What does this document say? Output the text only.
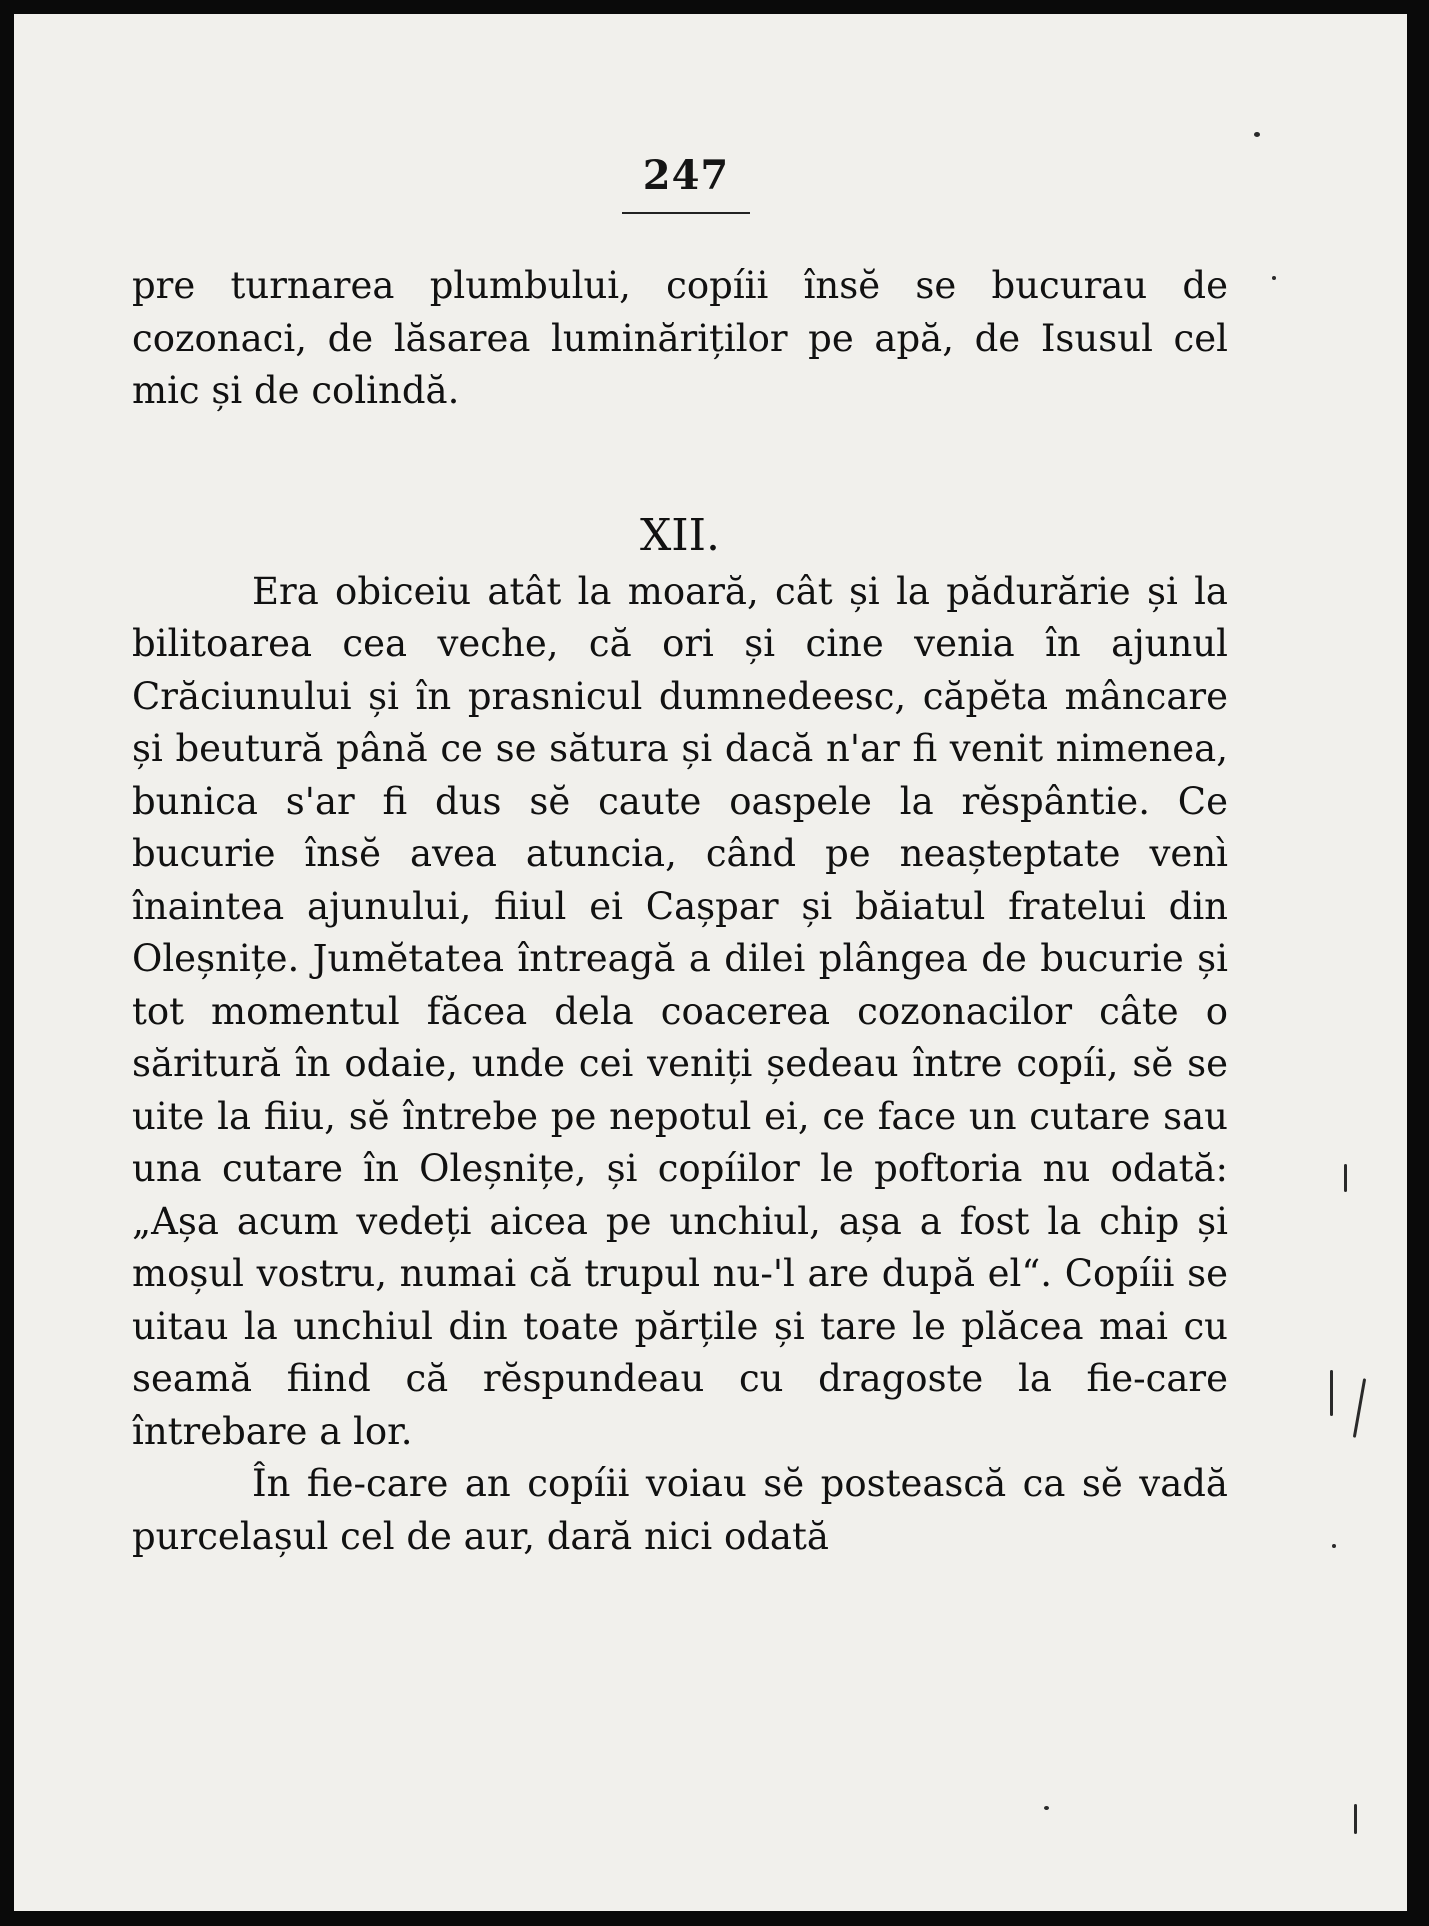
247

pre turnarea plumbului, copíii însĕ se bucurau de cozonaci, de lăsarea luminăriților pe apă, de Isusul cel mic și de colindă.

XII.

Era obiceiu atât la moară, cât și la pădurărie și la bilitoarea cea veche, că ori și cine venia în ajunul Crăciunului și în prasnicul dumnedeesc, căpĕta mâncare și beutură până ce se sătura și dacă n'ar fi venit nimenea, bunica s'ar fi dus sĕ caute oaspele la rĕspântie. Ce bucurie însĕ avea atuncia, când pe neașteptate venì înaintea ajunului, fiiul ei Cașpar și băiatul fratelui din Oleșnițe. Jumĕtatea întreagă a dilei plângea de bucurie și tot momentul făcea dela coacerea cozonacilor câte o săritură în odaie, unde cei veniți ședeau între copíi, sĕ se uite la fiiu, sĕ întrebe pe nepotul ei, ce face un cutare sau una cutare în Oleșnițe, și copíilor le poftoria nu odată: „Așa acum vedeți aicea pe unchiul, așa a fost la chip și moșul vostru, numai că trupul nu-'l are după el“. Copíii se uitau la unchiul din toate părțile și tare le plăcea mai cu seamă fiind că rĕspundeau cu dragoste la fie-care întrebare a lor.

În fie-care an copíii voiau sĕ postească ca sĕ vadă purcelașul cel de aur, dară nici odată
